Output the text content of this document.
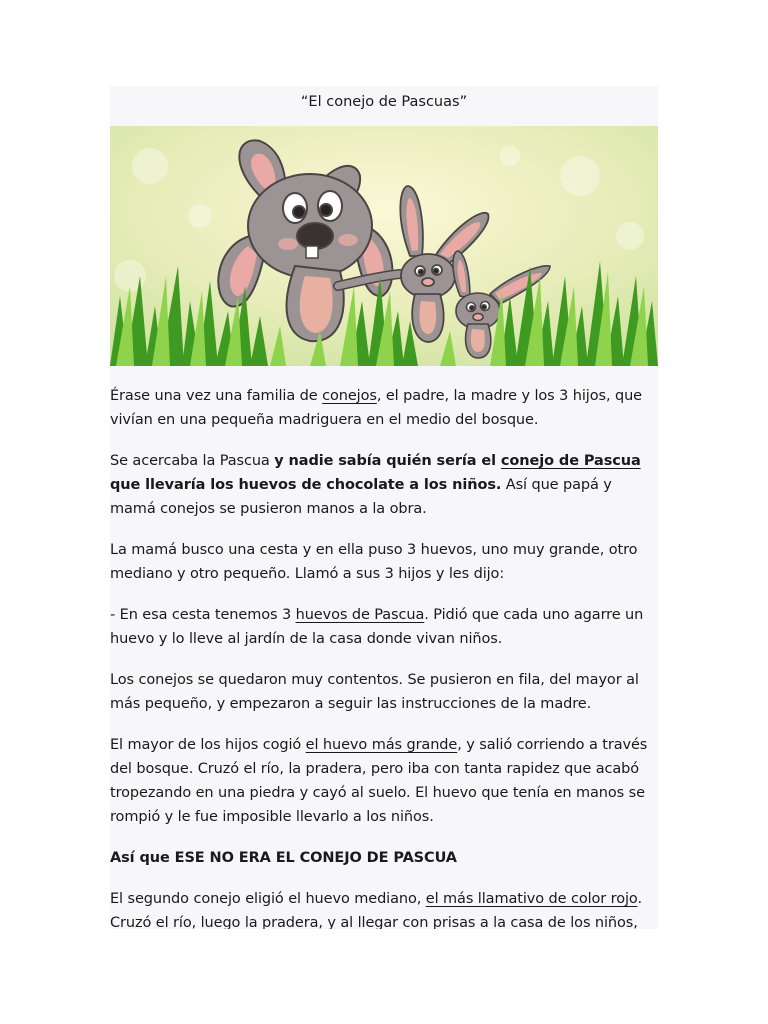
“El conejo de Pascuas”

Érase una vez una familia de conejos, el padre, la madre y los 3 hijos, que vivían en una pequeña madriguera en el medio del bosque.

Se acercaba la Pascua y nadie sabía quién sería el conejo de Pascua que llevaría los huevos de chocolate a los niños. Así que papá y mamá conejos se pusieron manos a la obra.

La mamá busco una cesta y en ella puso 3 huevos, uno muy grande, otro mediano y otro pequeño. Llamó a sus 3 hijos y les dijo:

- En esa cesta tenemos 3 huevos de Pascua. Pidió que cada uno agarre un huevo y lo lleve al jardín de la casa donde vivan niños.

Los conejos se quedaron muy contentos. Se pusieron en fila, del mayor al más pequeño, y empezaron a seguir las instrucciones de la madre.

El mayor de los hijos cogió el huevo más grande, y salió corriendo a través del bosque. Cruzó el río, la pradera, pero iba con tanta rapidez que acabó tropezando en una piedra y cayó al suelo. El huevo que tenía en manos se rompió y le fue imposible llevarlo a los niños.

Así que ESE NO ERA EL CONEJO DE PASCUA

El segundo conejo eligió el huevo mediano, el más llamativo de color rojo. Cruzó el río, luego la pradera, y al llegar con prisas a la casa de los niños,
